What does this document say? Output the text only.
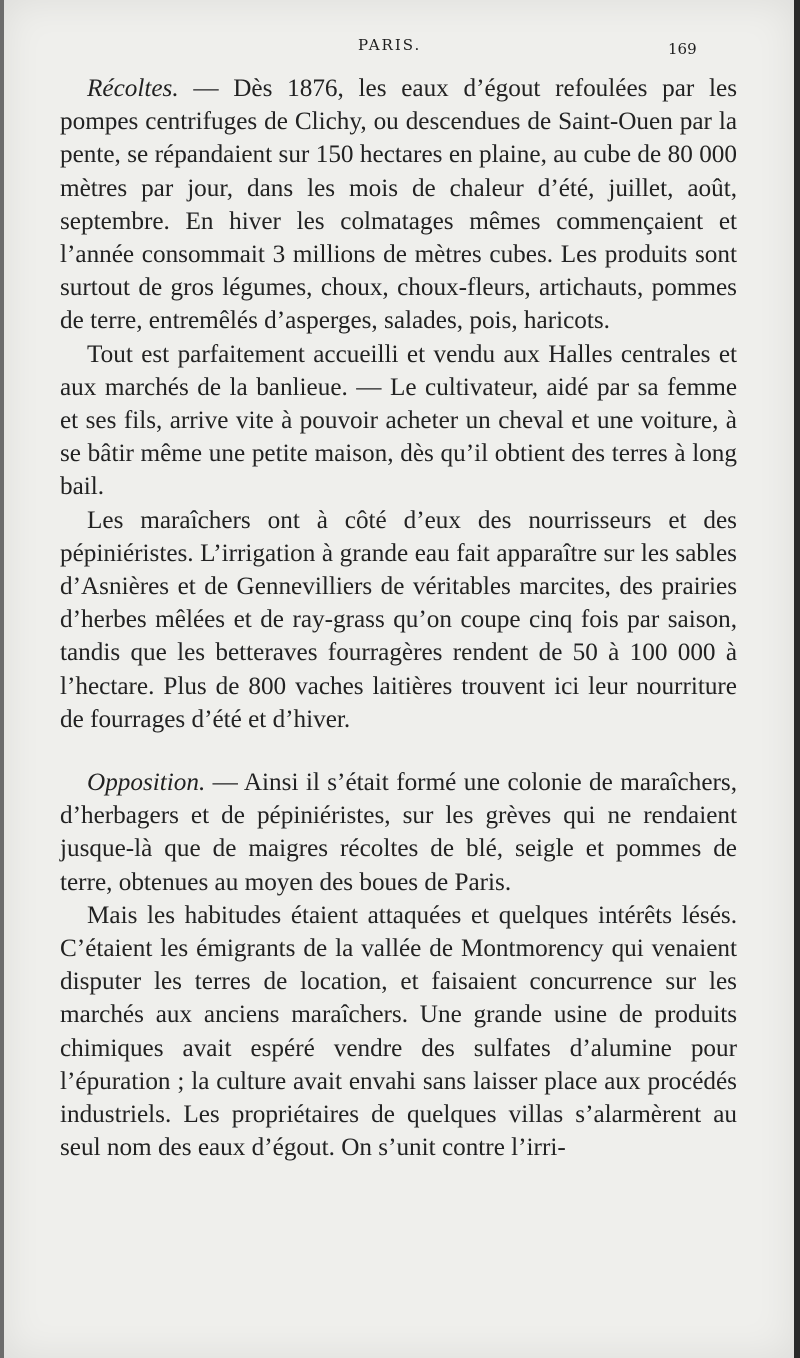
PARIS.	169

Récoltes. — Dès 1876, les eaux d’égout refoulées par les pompes centrifuges de Clichy, ou descendues de Saint-Ouen par la pente, se répandaient sur 150 hectares en plaine, au cube de 80 000 mètres par jour, dans les mois de chaleur d’été, juillet, août, septembre. En hiver les colmatages mêmes commençaient et l’année consommait 3 millions de mètres cubes. Les produits sont surtout de gros légumes, choux, choux-fleurs, artichauts, pommes de terre, entremêlés d’asperges, salades, pois, haricots.

Tout est parfaitement accueilli et vendu aux Halles centrales et aux marchés de la banlieue. — Le cultivateur, aidé par sa femme et ses fils, arrive vite à pouvoir acheter un cheval et une voiture, à se bâtir même une petite maison, dès qu’il obtient des terres à long bail.

Les maraîchers ont à côté d’eux des nourrisseurs et des pépiniéristes. L’irrigation à grande eau fait apparaître sur les sables d’Asnières et de Gennevilliers de véritables marcites, des prairies d’herbes mêlées et de ray-grass qu’on coupe cinq fois par saison, tandis que les betteraves fourragères rendent de 50 à 100 000 à l’hectare. Plus de 800 vaches laitières trouvent ici leur nourriture de fourrages d’été et d’hiver.

Opposition. — Ainsi il s’était formé une colonie de maraîchers, d’herbagers et de pépiniéristes, sur les grèves qui ne rendaient jusque-là que de maigres récoltes de blé, seigle et pommes de terre, obtenues au moyen des boues de Paris.

Mais les habitudes étaient attaquées et quelques intérêts lésés. C’étaient les émigrants de la vallée de Montmorency qui venaient disputer les terres de location, et faisaient concurrence sur les marchés aux anciens maraîchers. Une grande usine de produits chimiques avait espéré vendre des sulfates d’alumine pour l’épuration ; la culture avait envahi sans laisser place aux procédés industriels. Les propriétaires de quelques villas s’alarmèrent au seul nom des eaux d’égout. On s’unit contre l’irri-
